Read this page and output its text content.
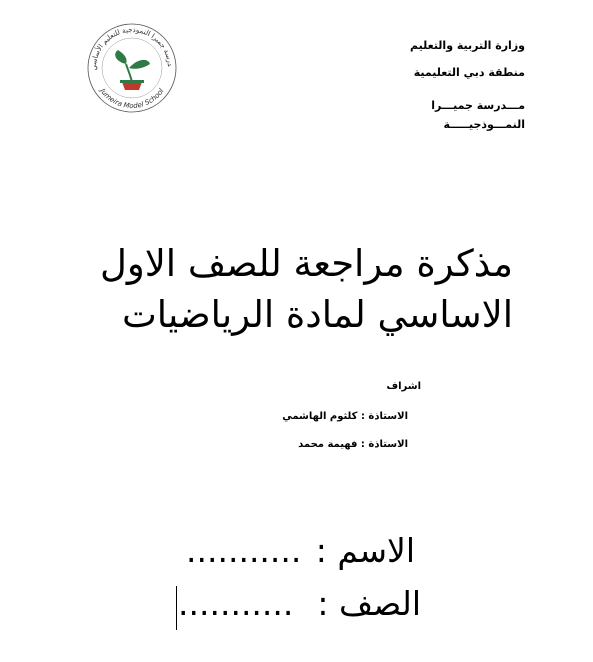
درسة جميرا النموذجية للتعليم الأساسي
Jumeira Model School
وزارة التربية والتعليم
منطقة دبي التعليمية
مـــدرسة جميـــرا
النمـــوذجيـــــة
مذكرة مراجعة للصف الاول
الاساسي لمادة الرياضيات
اشراف
الاستاذة : كلثوم الهاشمي
الاستاذة : فهيمة محمد
الاسم :
...........
الصف :
...........
